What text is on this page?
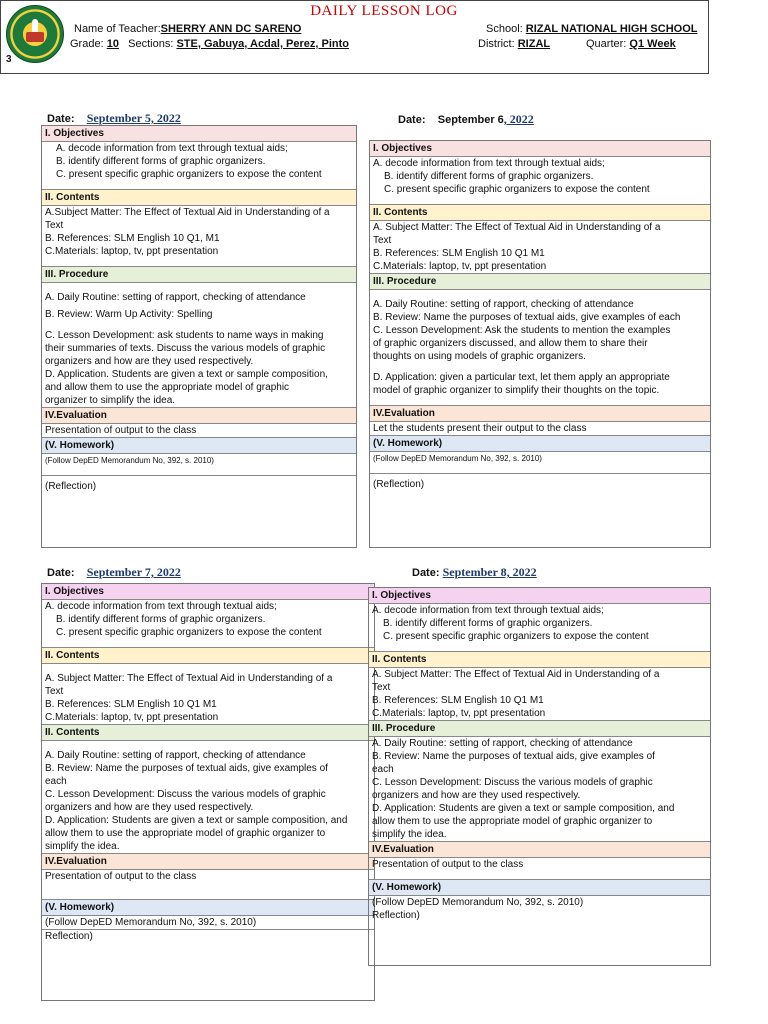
3
DAILY LESSON LOG
Name of Teacher:SHERRY ANN DC SARENO	School: RIZAL NATIONAL HIGH SCHOOL
Grade: 10 Sections: STE, Gabuya, Acdal, Perez, Pinto	District: RIZAL	Quarter: Q1 Week
Date: September 5, 2022	Date: September 6, 2022
Date: September 7, 2022	Date: September 8, 2022
I. Objectives
A. decode information from text through textual aids;
B. identify different forms of graphic organizers.
C. present specific graphic organizers to expose the content
II. Contents
A.Subject Matter: The Effect of Textual Aid in Understanding of a
Text
B. References: SLM English 10 Q1, M1
C.Materials: laptop, tv, ppt presentation
III. Procedure
A. Daily Routine: setting of rapport, checking of attendance
B. Review: Warm Up Activity: Spelling
C. Lesson Development: ask students to name ways in making
their summaries of texts. Discuss the various models of graphic
organizers and how are they used respectively.
D. Application. Students are given a text or sample composition,
and allow them to use the appropriate model of graphic
organizer to simplify the idea.
IV.Evaluation
Presentation of output to the class
(V. Homework)
(Follow DepED Memorandum No, 392, s. 2010)
(Reflection)
I. Objectives
A. decode information from text through textual aids;
B. identify different forms of graphic organizers.
C. present specific graphic organizers to expose the content
II. Contents
A. Subject Matter: The Effect of Textual Aid in Understanding of a
Text
B. References: SLM English 10 Q1 M1
C.Materials: laptop, tv, ppt presentation
III. Procedure
A. Daily Routine: setting of rapport, checking of attendance
B. Review: Name the purposes of textual aids, give examples of each
C. Lesson Development: Ask the students to mention the examples
of graphic organizers discussed, and allow them to share their
thoughts on using models of graphic organizers.
D. Application: given a particular text, let them apply an appropriate
model of graphic organizer to simplify their thoughts on the topic.
IV.Evaluation
Let the students present their output to the class
(V. Homework)
(Follow DepED Memorandum No, 392, s. 2010)
(Reflection)
I. Objectives
A. decode information from text through textual aids;
B. identify different forms of graphic organizers.
C. present specific graphic organizers to expose the content
II. Contents
A. Subject Matter: The Effect of Textual Aid in Understanding of a
Text
B. References: SLM English 10 Q1 M1
C.Materials: laptop, tv, ppt presentation
II. Contents
A. Daily Routine: setting of rapport, checking of attendance
B. Review: Name the purposes of textual aids, give examples of
each
C. Lesson Development: Discuss the various models of graphic
organizers and how are they used respectively.
D. Application: Students are given a text or sample composition, and
allow them to use the appropriate model of graphic organizer to
simplify the idea.
IV.Evaluation
Presentation of output to the class
(V. Homework)
(Follow DepED Memorandum No, 392, s. 2010)
Reflection)
I. Objectives
A. decode information from text through textual aids;
B. identify different forms of graphic organizers.
C. present specific graphic organizers to expose the content
II. Contents
A. Subject Matter: The Effect of Textual Aid in Understanding of a
Text
B. References: SLM English 10 Q1 M1
C.Materials: laptop, tv, ppt presentation
III. Procedure
A. Daily Routine: setting of rapport, checking of attendance
B. Review: Name the purposes of textual aids, give examples of
each
C. Lesson Development: Discuss the various models of graphic
organizers and how are they used respectively.
D. Application: Students are given a text or sample composition, and
allow them to use the appropriate model of graphic organizer to
simplify the idea.
IV.Evaluation
Presentation of output to the class
(V. Homework)
(Follow DepED Memorandum No, 392, s. 2010)
Reflection)
